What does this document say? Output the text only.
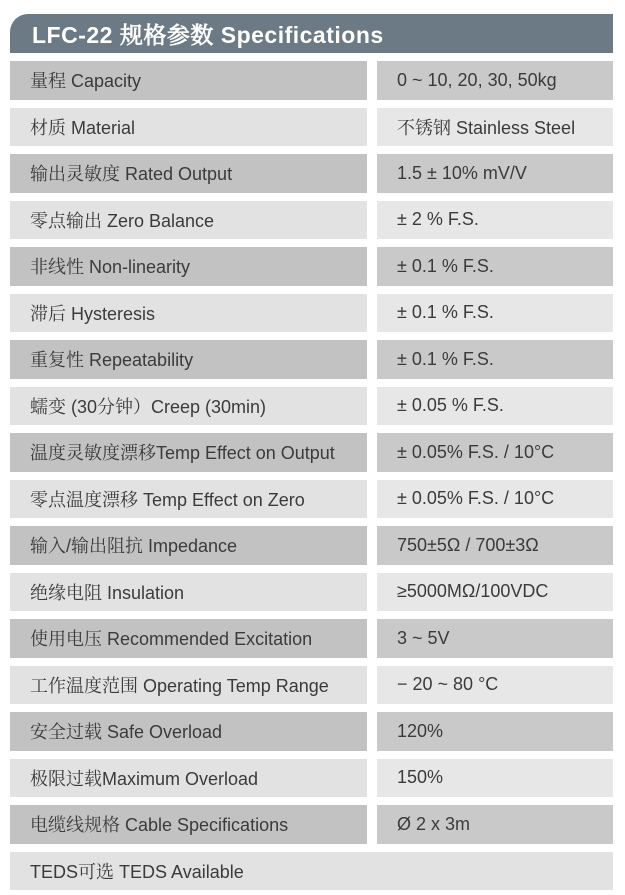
LFC-22 规格参数 Specifications
量程 Capacity	0 ~ 10, 20, 30, 50kg
材质 Material	不锈钢 Stainless Steel
输出灵敏度 Rated Output	1.5 ± 10% mV/V
零点输出 Zero Balance	± 2 % F.S.
非线性 Non-linearity	± 0.1 % F.S.
滞后 Hysteresis	± 0.1 % F.S.
重复性 Repeatability	± 0.1 % F.S.
蠕变 (30分钟）Creep (30min)	± 0.05 % F.S.
温度灵敏度漂移Temp Effect on Output	± 0.05% F.S. / 10°C
零点温度漂移 Temp Effect on Zero	± 0.05% F.S. / 10°C
输入/输出阻抗 Impedance	750±5Ω / 700±3Ω
绝缘电阻 Insulation	≥5000MΩ/100VDC
使用电压 Recommended Excitation	3 ~ 5V
工作温度范围 Operating Temp Range	− 20 ~ 80 °C
安全过载 Safe Overload	120%
极限过载Maximum Overload	150%
电缆线规格 Cable Specifications	Ø 2 x 3m
TEDS可选 TEDS Available
